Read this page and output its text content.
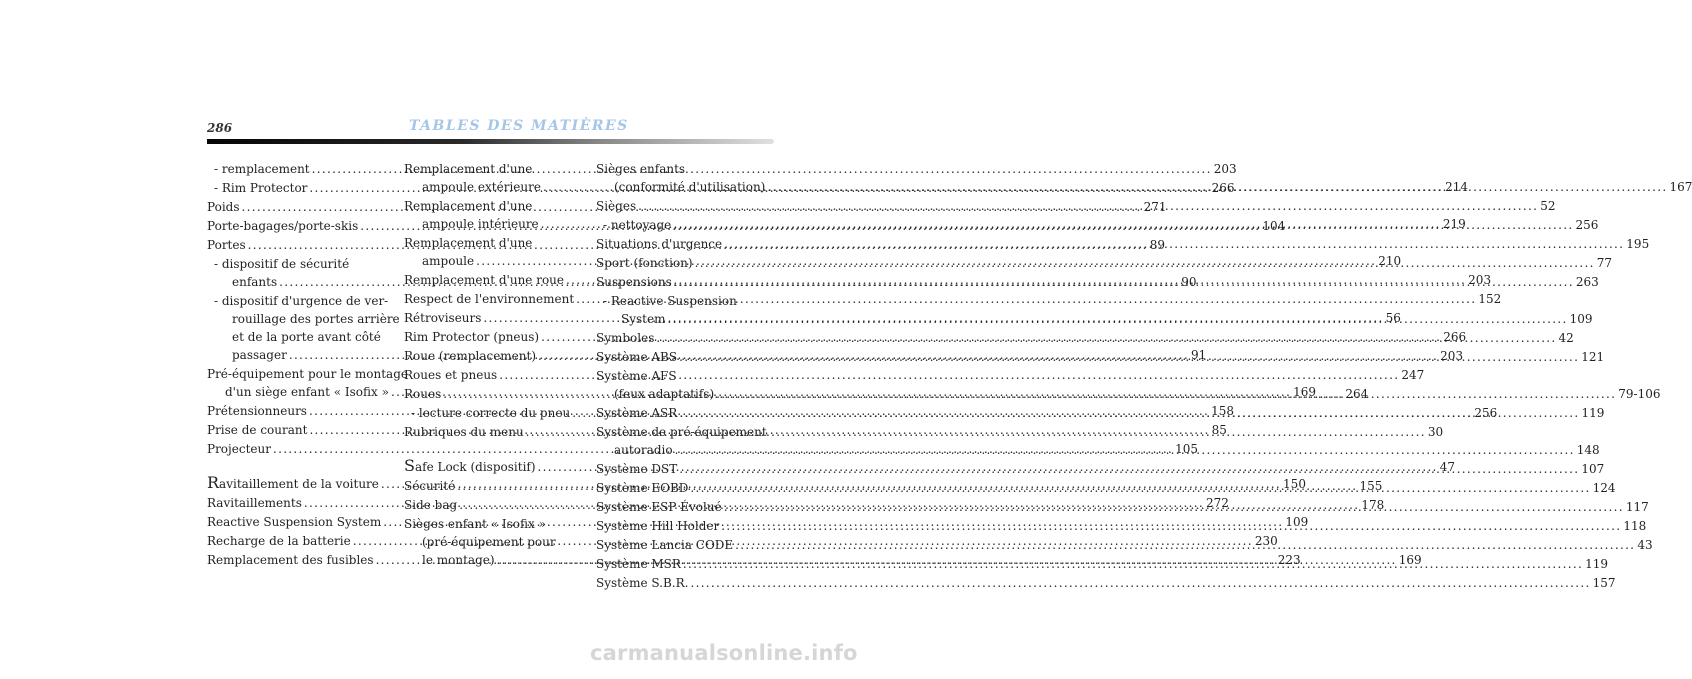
286	TABLES DES MATIÈRES
- remplacement .....	203
- Rim Protector .....	266
Poids .....	271
Porte-bagages/porte-skis .....	104
Portes .....	89
- dispositif de sécurité
enfants .....	90
- dispositif d'urgence de ver-
rouillage des portes arrière
et de la porte avant côté
passager .....	91
Pré-équipement pour le montage
d'un siège enfant « Isofix » .....	169
Prétensionneurs .....	158
Prise de courant .....	85
Projecteur .....	105
Ravitaillement de la voiture .....	150
Ravitaillements .....	272
Reactive Suspension System .....	109
Recharge de la batterie .....	230
Remplacement des fusibles .....	223
Remplacement d'une
ampoule extérieure .....	214
Remplacement d'une
ampoule intérieure .....	219
Remplacement d'une
ampoule .....	210
Remplacement d'une roue .....	203
Respect de l'environnement .....	152
Rétroviseurs .....	56
Rim Protector (pneus) .....	266
Roue (remplacement) .....	203
Roues et pneus .....	247
Roues .....	264
- lecture correcte du pneu .....	256
Rubriques du menu .....	30
Safe Lock (dispositif) .....	47
Sécurité .....	155
Side bag .....	178
Sièges enfant « Isofix »
(pré-équipement pour
le montage) .....	169
Sièges enfants
(conformité d'utilisation) .....	167
Sièges .....	52
- nettoyage .....	256
Situations d'urgence .....	195
Sport (fonction) .....	77
Suspensions .....	263
- Reactive Suspension
System .....	109
Symboles .....	42
Système ABS .....	121
Système AFS
(feux adaptatifs) .....	79-106
Système ASR .....	119
Système de pré-équipement
autoradio .....	148
Système DST .....	107
Système EOBD .....	124
Système ESP Évolué .....	117
Système Hill Holder .....	118
Système Lancia CODE .....	43
Système MSR .....	119
Système S.B.R. .....	157
carmanualsonline.info
